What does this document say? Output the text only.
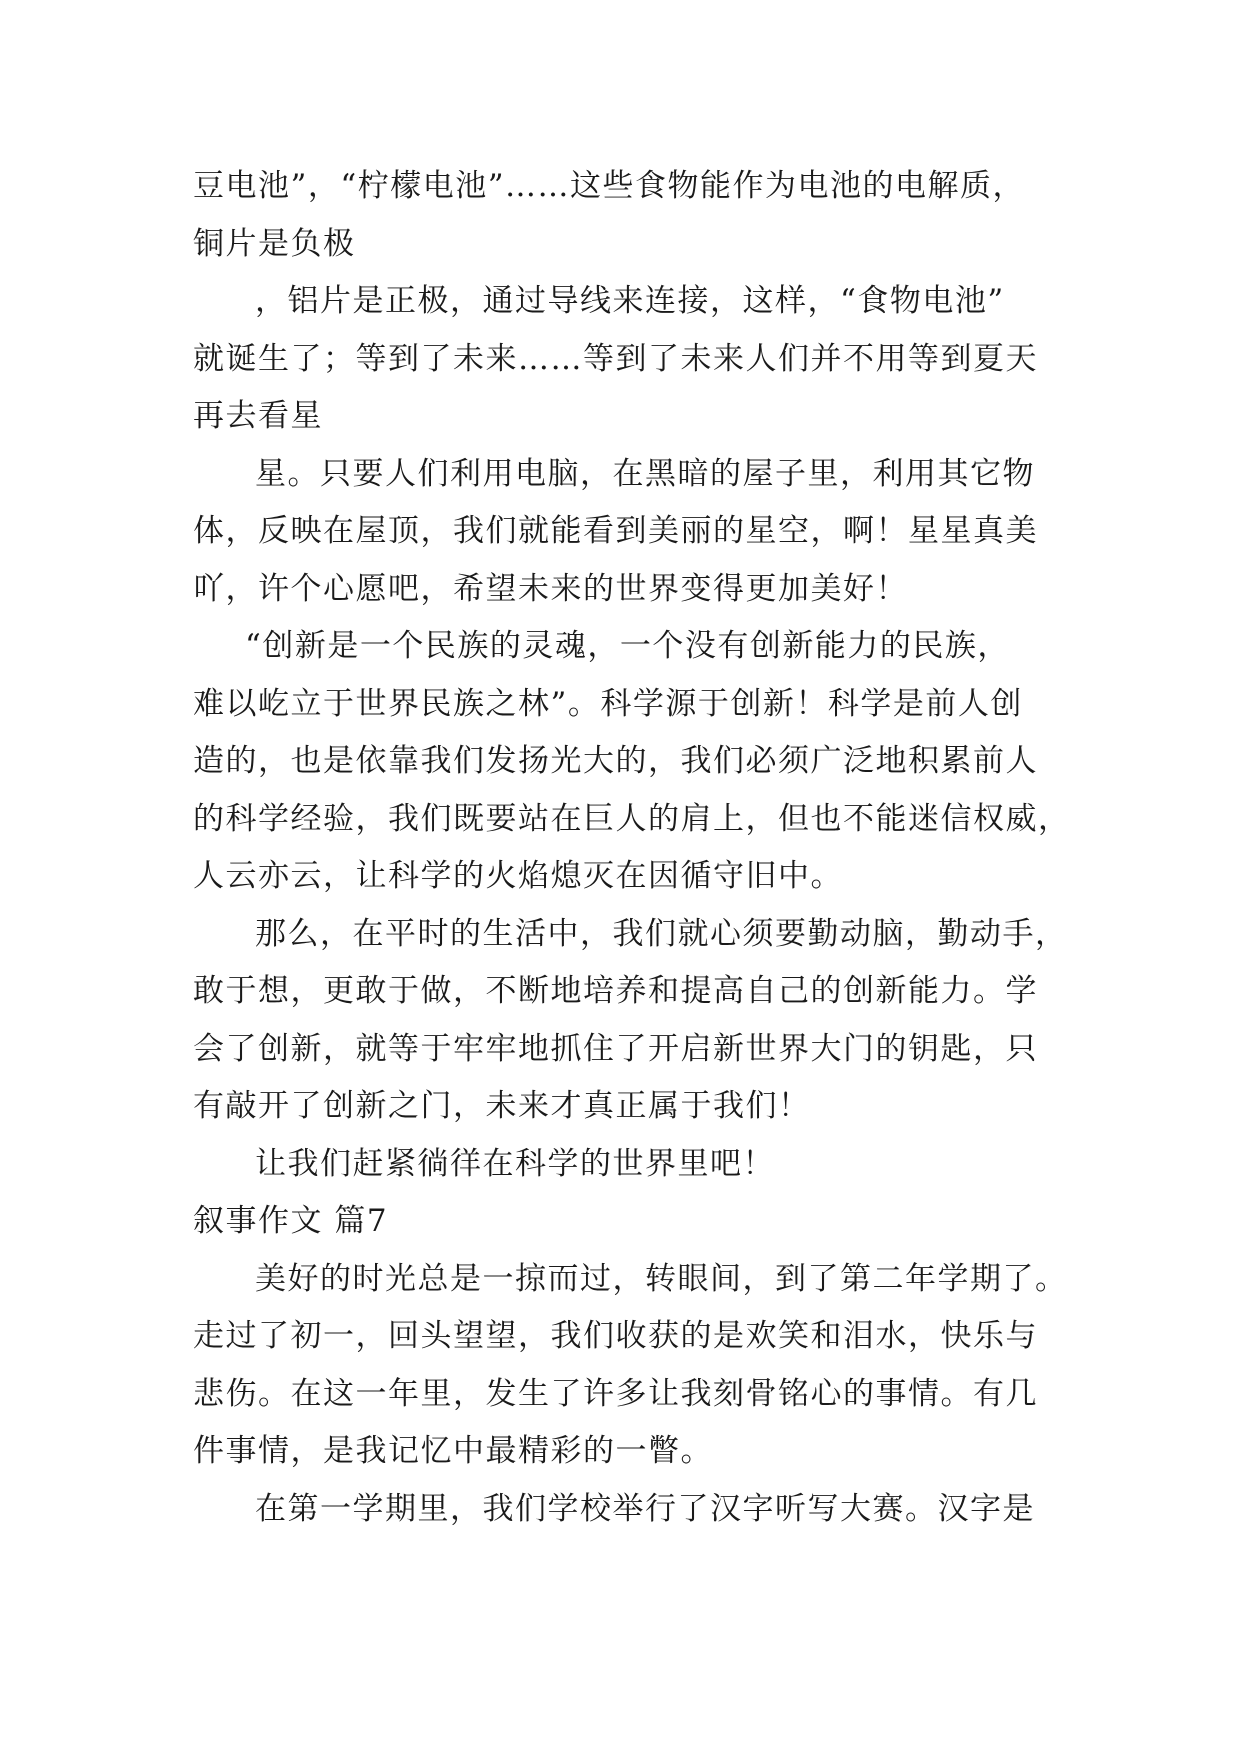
豆电池”，“柠檬电池”……这些食物能作为电池的电解质，
铜片是负极
，铝片是正极，通过导线来连接，这样，“食物电池”
就诞生了；等到了未来……等到了未来人们并不用等到夏天
再去看星
星。只要人们利用电脑，在黑暗的屋子里，利用其它物
体，反映在屋顶，我们就能看到美丽的星空，啊！星星真美
吖，许个心愿吧，希望未来的世界变得更加美好！
“创新是一个民族的灵魂，一个没有创新能力的民族，
难以屹立于世界民族之林”。科学源于创新！科学是前人创
造的，也是依靠我们发扬光大的，我们必须广泛地积累前人
的科学经验，我们既要站在巨人的肩上，但也不能迷信权威，
人云亦云，让科学的火焰熄灭在因循守旧中。
那么，在平时的生活中，我们就心须要勤动脑，勤动手，
敢于想，更敢于做，不断地培养和提高自己的创新能力。学
会了创新，就等于牢牢地抓住了开启新世界大门的钥匙，只
有敲开了创新之门，未来才真正属于我们！
让我们赶紧徜徉在科学的世界里吧！
叙事作文 篇7
美好的时光总是一掠而过，转眼间，到了第二年学期了。
走过了初一，回头望望，我们收获的是欢笑和泪水，快乐与
悲伤。在这一年里，发生了许多让我刻骨铭心的事情。有几
件事情，是我记忆中最精彩的一瞥。
在第一学期里，我们学校举行了汉字听写大赛。汉字是
